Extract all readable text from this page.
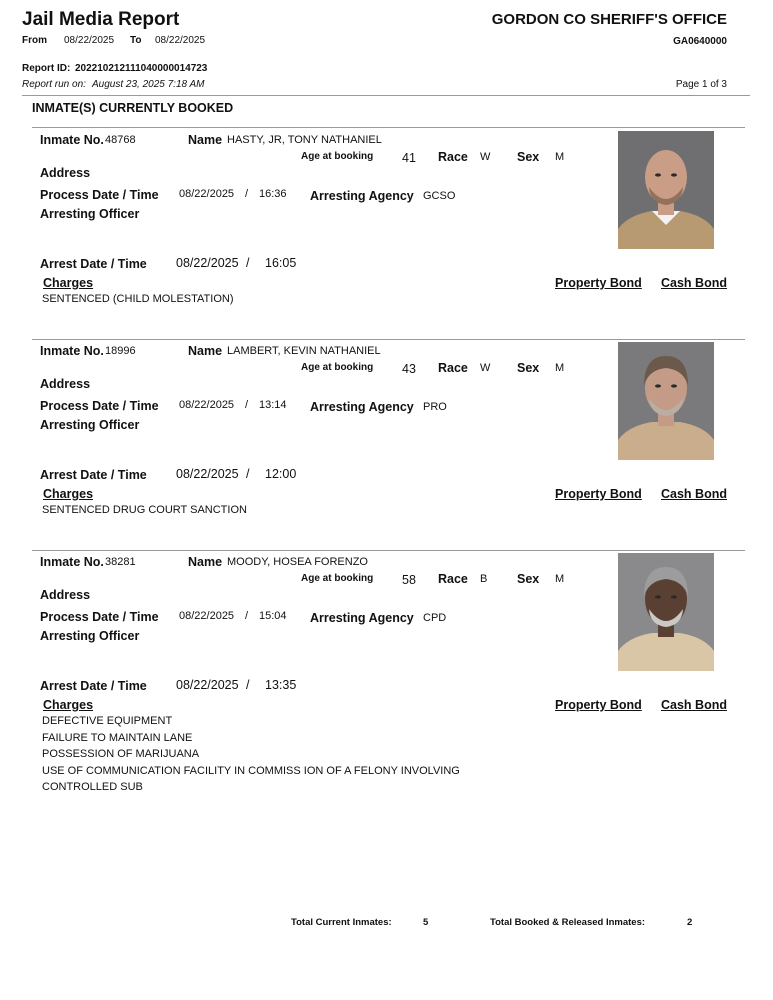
Jail Media Report	GORDON CO SHERIFF'S OFFICE
From 08/22/2025 To 08/22/2025	GA0640000
Report ID: 202210212111040000014723
Report run on: August 23, 2025 7:18 AM	Page 1 of 3
INMATE(S) CURRENTLY BOOKED
Inmate No. 48768	Name HASTY, JR, TONY NATHANIEL
Age at booking 41 Race W Sex M
Address
Process Date / Time 08/22/2025 / 16:36 Arresting Agency GCSO
Arresting Officer
Arrest Date / Time 08/22/2025 / 16:05
Charges	Property Bond Cash Bond
SENTENCED (CHILD MOLESTATION)
Inmate No. 18996	Name LAMBERT, KEVIN NATHANIEL
Age at booking 43 Race W Sex M
Address
Process Date / Time 08/22/2025 / 13:14 Arresting Agency PRO
Arresting Officer
Arrest Date / Time 08/22/2025 / 12:00
Charges	Property Bond Cash Bond
SENTENCED DRUG COURT SANCTION
Inmate No. 38281	Name MOODY, HOSEA FORENZO
Age at booking 58 Race B Sex M
Address
Process Date / Time 08/22/2025 / 15:04 Arresting Agency CPD
Arresting Officer
Arrest Date / Time 08/22/2025 / 13:35
Charges	Property Bond Cash Bond
DEFECTIVE EQUIPMENT
FAILURE TO MAINTAIN LANE
POSSESSION OF MARIJUANA
USE OF COMMUNICATION FACILITY IN COMMISS ION OF A FELONY INVOLVING
CONTROLLED SUB
Total Current Inmates:	5	Total Booked & Released Inmates:	2
